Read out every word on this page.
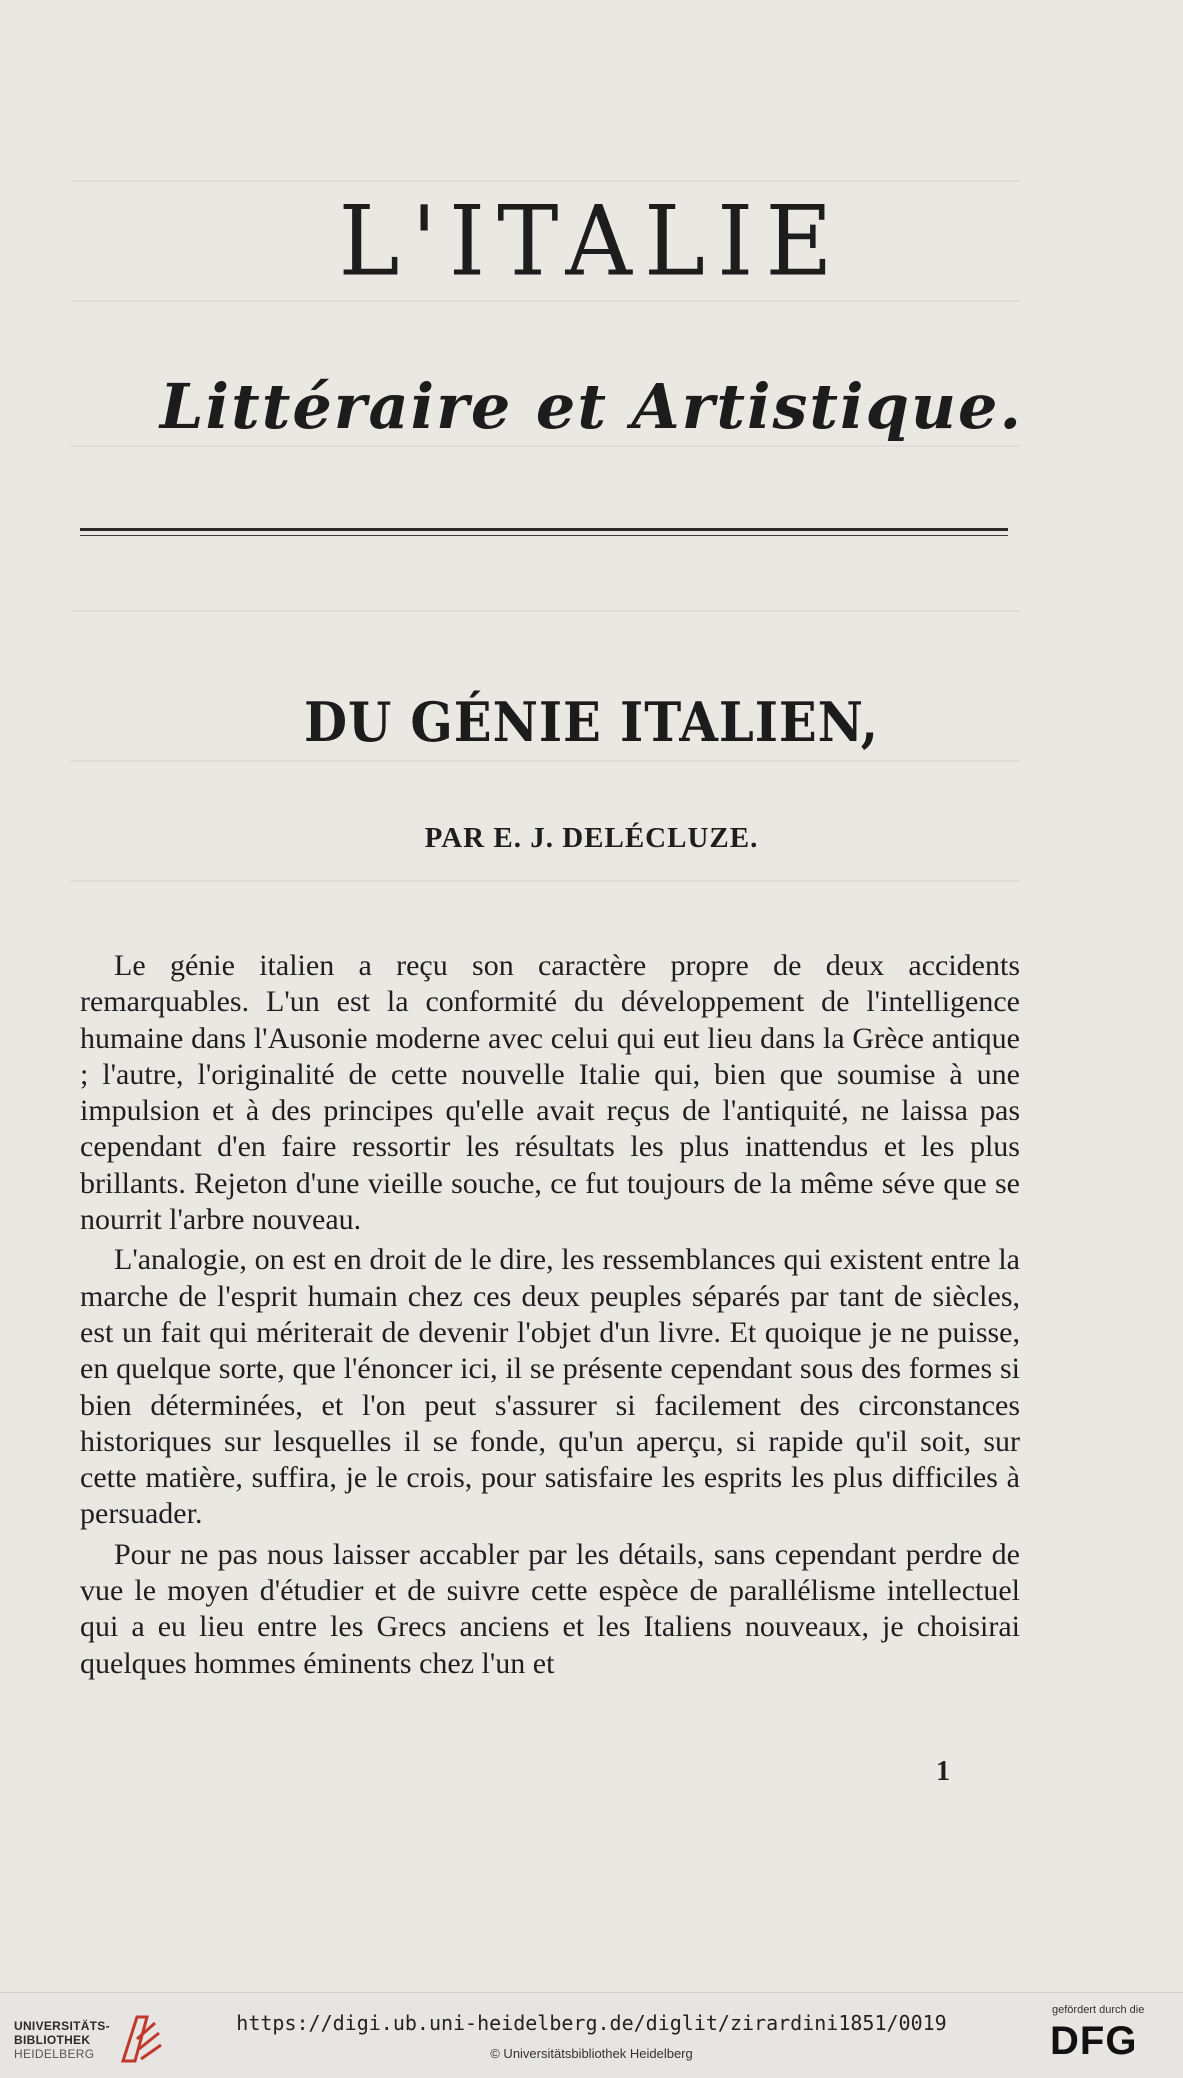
L'ITALIE
Littéraire et Artistique.
DU GÉNIE ITALIEN,
PAR E. J. DELÉCLUZE.

Le génie italien a reçu son caractère propre de deux accidents remarquables. L'un est la conformité du développement de l'intelligence humaine dans l'Ausonie moderne avec celui qui eut lieu dans la Grèce antique ; l'autre, l'originalité de cette nouvelle Italie qui, bien que soumise à une impulsion et à des principes qu'elle avait reçus de l'antiquité, ne laissa pas cependant d'en faire ressortir les résultats les plus inattendus et les plus brillants. Rejeton d'une vieille souche, ce fut toujours de la même séve que se nourrit l'arbre nouveau.

L'analogie, on est en droit de le dire, les ressemblances qui existent entre la marche de l'esprit humain chez ces deux peuples séparés par tant de siècles, est un fait qui mériterait de devenir l'objet d'un livre. Et quoique je ne puisse, en quelque sorte, que l'énoncer ici, il se présente cependant sous des formes si bien déterminées, et l'on peut s'assurer si facilement des circonstances historiques sur lesquelles il se fonde, qu'un aperçu, si rapide qu'il soit, sur cette matière, suffira, je le crois, pour satisfaire les esprits les plus difficiles à persuader.

Pour ne pas nous laisser accabler par les détails, sans cependant perdre de vue le moyen d'étudier et de suivre cette espèce de parallélisme intellectuel qui a eu lieu entre les Grecs anciens et les Italiens nouveaux, je choisirai quelques hommes éminents chez l'un et

1
UNIVERSITÄTS-
BIBLIOTHEK
HEIDELBERG
https://digi.ub.uni-heidelberg.de/diglit/zirardini1851/0019
© Universitätsbibliothek Heidelberg
gefördert durch die
DFG
